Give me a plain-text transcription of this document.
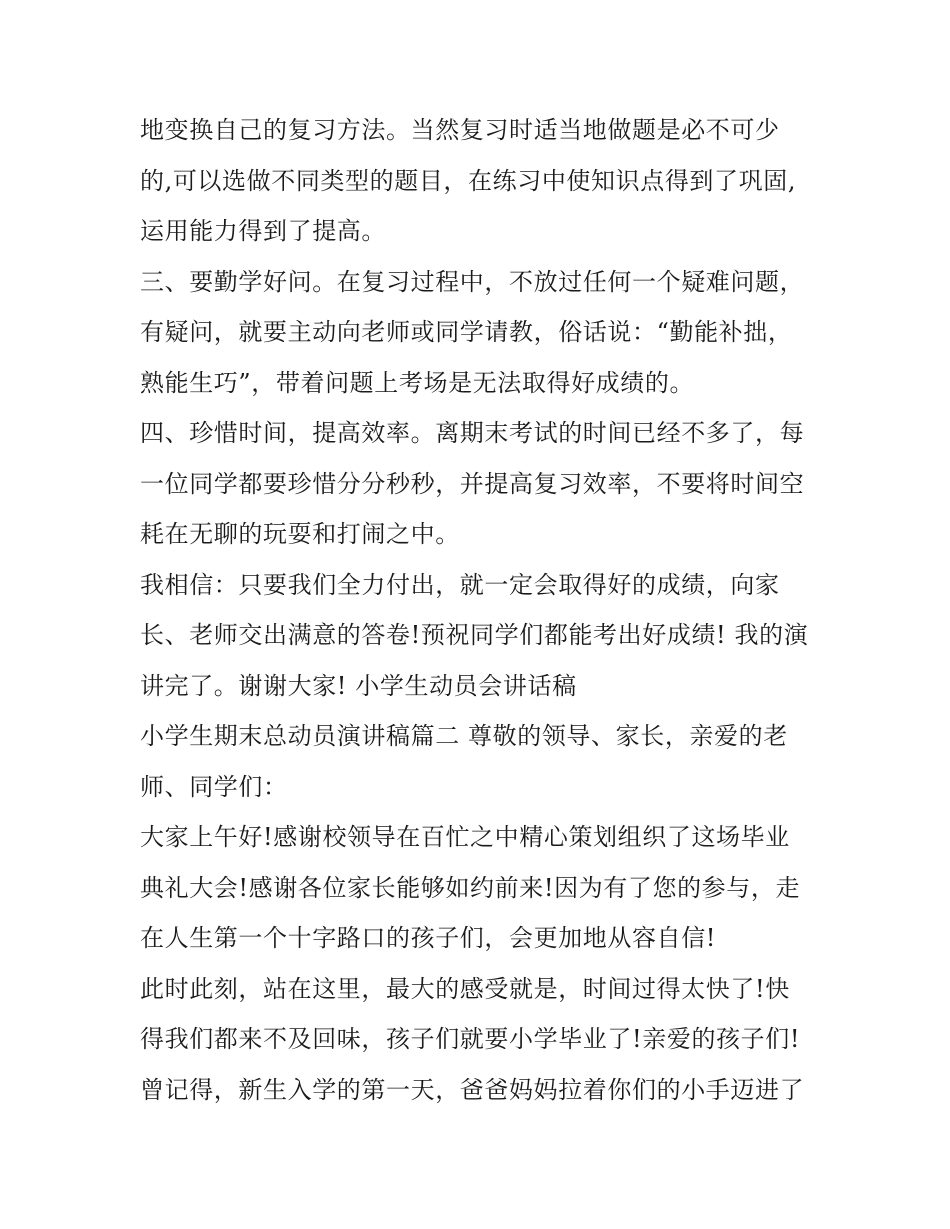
地变换自己的复习方法。当然复习时适当地做题是必不可少
的,可以选做不同类型的题目，在练习中使知识点得到了巩固,
运用能力得到了提高。
三、要勤学好问。在复习过程中，不放过任何一个疑难问题，
有疑问，就要主动向老师或同学请教，俗话说：“勤能补拙，
熟能生巧”，带着问题上考场是无法取得好成绩的。
四、珍惜时间，提高效率。离期末考试的时间已经不多了，每
一位同学都要珍惜分分秒秒，并提高复习效率，不要将时间空
耗在无聊的玩耍和打闹之中。
我相信：只要我们全力付出，就一定会取得好的成绩，向家
长、老师交出满意的答卷!预祝同学们都能考出好成绩! 我的演
讲完了。谢谢大家! 小学生动员会讲话稿
小学生期末总动员演讲稿篇二 尊敬的领导、家长，亲爱的老
师、同学们：
大家上午好!感谢校领导在百忙之中精心策划组织了这场毕业
典礼大会!感谢各位家长能够如约前来!因为有了您的参与，走
在人生第一个十字路口的孩子们，会更加地从容自信!
此时此刻，站在这里，最大的感受就是，时间过得太快了!快
得我们都来不及回味，孩子们就要小学毕业了!亲爱的孩子们!
曾记得，新生入学的第一天，爸爸妈妈拉着你们的小手迈进了
